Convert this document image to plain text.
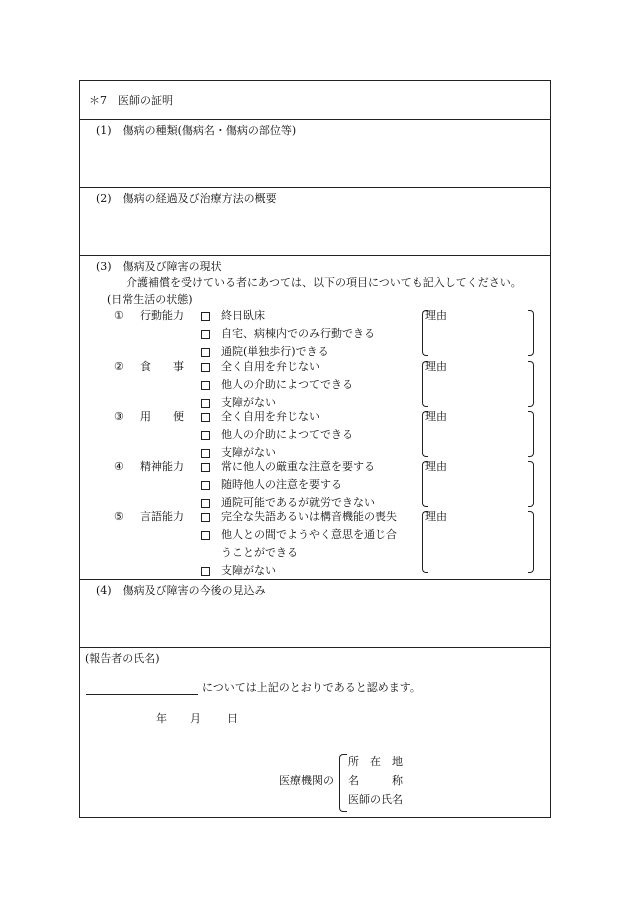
＊7　医師の証明
(1)　傷病の種類(傷病名・傷病の部位等)
(2)　傷病の経過及び治療方法の概要
(3)　傷病及び障害の現状
介護補償を受けている者にあつては、以下の項目についても記入してください。
(日常生活の状態)
① 行動能力	終日臥床
自宅、病棟内でのみ行動できる
通院(単独歩行)できる
理由
② 食　　事	全く自用を弁じない
他人の介助によつてできる
支障がない
理由
③ 用　　便	全く自用を弁じない
他人の介助によつてできる
支障がない
理由
④ 精神能力	常に他人の厳重な注意を要する
随時他人の注意を要する
通院可能であるが就労できない
理由
⑤ 言語能力	完全な失語あるいは構音機能の喪失
他人との間でようやく意思を通じ合
うことができる
支障がない
理由
(4)　傷病及び障害の今後の見込み
(報告者の氏名)
については上記のとおりであると認めます。
年 月 日
医療機関の
所　在　地
名　　　称
医師の氏名
